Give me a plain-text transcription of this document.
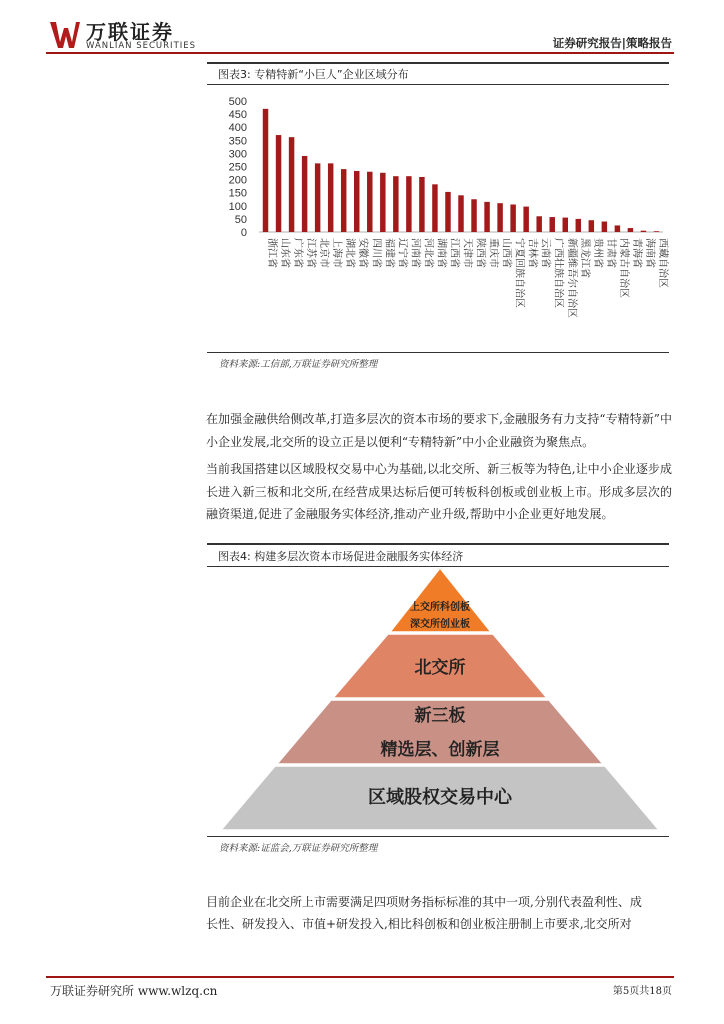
万联证券
WANLIAN SECURITIES	证券研究报告|策略报告
图表3: 专精特新“小巨人”企业区域分布
0
50
100
150
200
250
300
350
400
450
500
浙江省 山东省 广东省 江苏省 北京市 上海市 湖北省 安徽省 四川省 福建省 辽宁省 河南省 河北省 湖南省 江西省 天津市 陕西省 重庆市 山西省 宁夏回族自治区 吉林省 云南省 广西壮族自治区 新疆维吾尔自治区 黑龙江省 贵州省 甘肃省 内蒙古自治区 青海省 海南省 西藏自治区
资料来源:工信部,万联证券研究所整理
在加强金融供给侧改革,打造多层次的资本市场的要求下,金融服务有力支持“专精特新”中小企业发展,北交所的设立正是以便利“专精特新”中小企业融资为聚焦点。
当前我国搭建以区域股权交易中心为基础,以北交所、新三板等为特色,让中小企业逐步成长进入新三板和北交所,在经营成果达标后便可转板科创板或创业板上市。形成多层次的融资渠道,促进了金融服务实体经济,推动产业升级,帮助中小企业更好地发展。
图表4: 构建多层次资本市场促进金融服务实体经济
上交所科创板
深交所创业板
北交所
新三板
精选层、创新层
区域股权交易中心
资料来源:证监会,万联证券研究所整理
目前企业在北交所上市需要满足四项财务指标标准的其中一项,分别代表盈利性、成
长性、研发投入、市值+研发投入,相比科创板和创业板注册制上市要求,北交所对
万联证券研究所 www.wlzq.cn	第5页共18页
